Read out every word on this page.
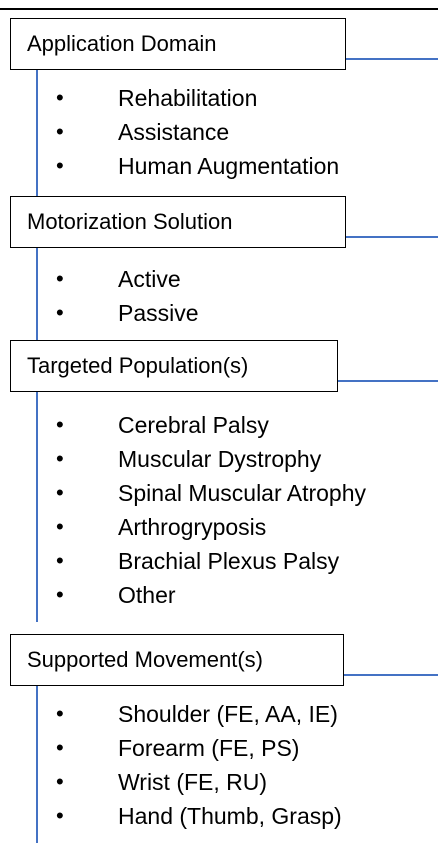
Application Domain
• Rehabilitation
• Assistance
• Human Augmentation
Motorization Solution
• Active
• Passive
Targeted Population(s)
• Cerebral Palsy
• Muscular Dystrophy
• Spinal Muscular Atrophy
• Arthrogryposis
• Brachial Plexus Palsy
• Other
Supported Movement(s)
• Shoulder (FE, AA, IE)
• Forearm (FE, PS)
• Wrist (FE, RU)
• Hand (Thumb, Grasp)
